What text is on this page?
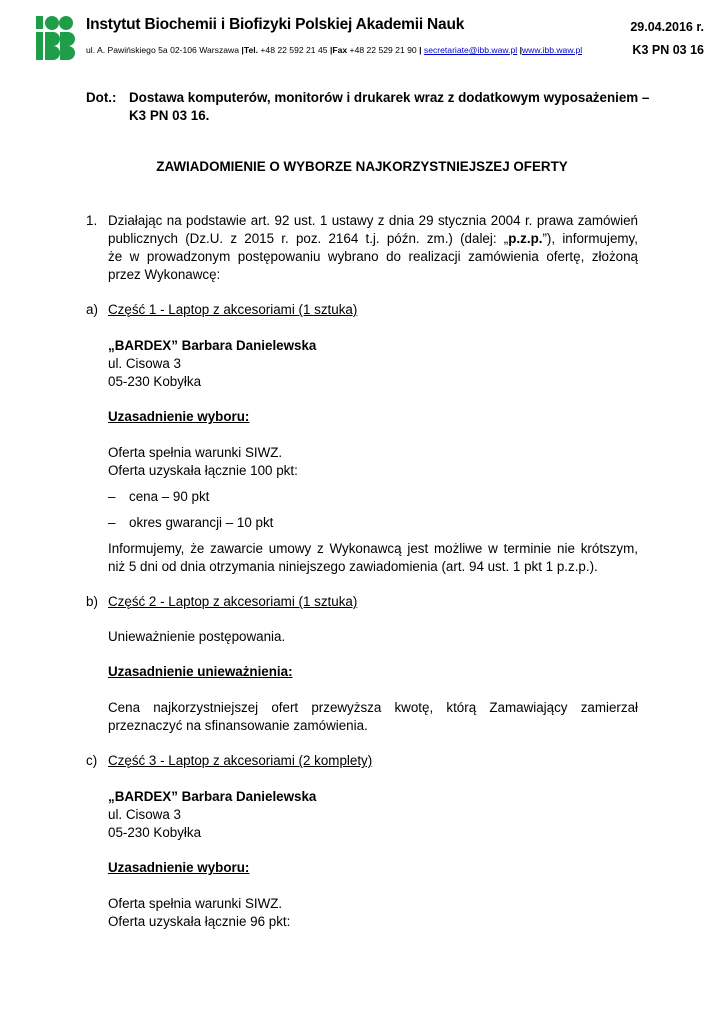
Instytut Biochemii i Biofizyki Polskiej Akademii Nauk
ul. A. Pawińskiego 5a 02-106 Warszawa |Tel. +48 22 592 21 45 |Fax +48 22 529 21 90 | secretariate@ibb.waw.pl |www.ibb.waw.pl
29.04.2016 r.
K3 PN 03 16
Dot.: Dostawa komputerów, monitorów i drukarek wraz z dodatkowym wyposażeniem –
K3 PN 03 16.
ZAWIADOMIENIE O WYBORZE NAJKORZYSTNIEJSZEJ OFERTY
1. Działając na podstawie art. 92 ust. 1 ustawy z dnia 29 stycznia 2004 r. prawa zamówień
publicznych (Dz.U. z 2015 r. poz. 2164 t.j. późn. zm.) (dalej: „p.z.p.”), informujemy,
że w prowadzonym postępowaniu wybrano do realizacji zamówienia ofertę, złożoną
przez Wykonawcę:
a) Część 1 - Laptop z akcesoriami (1 sztuka)
„BARDEX” Barbara Danielewska
ul. Cisowa 3
05-230 Kobyłka
Uzasadnienie wyboru:
Oferta spełnia warunki SIWZ.
Oferta uzyskała łącznie 100 pkt:
– cena – 90 pkt
– okres gwarancji – 10 pkt
Informujemy, że zawarcie umowy z Wykonawcą jest możliwe w terminie nie krótszym,
niż 5 dni od dnia otrzymania niniejszego zawiadomienia (art. 94 ust. 1 pkt 1 p.z.p.).
b) Część 2 - Laptop z akcesoriami (1 sztuka)
Unieważnienie postępowania.
Uzasadnienie unieważnienia:
Cena najkorzystniejszej ofert przewyższa kwotę, którą Zamawiający zamierzał
przeznaczyć na sfinansowanie zamówienia.
c) Część 3 - Laptop z akcesoriami (2 komplety)
„BARDEX” Barbara Danielewska
ul. Cisowa 3
05-230 Kobyłka
Uzasadnienie wyboru:
Oferta spełnia warunki SIWZ.
Oferta uzyskała łącznie 96 pkt:
